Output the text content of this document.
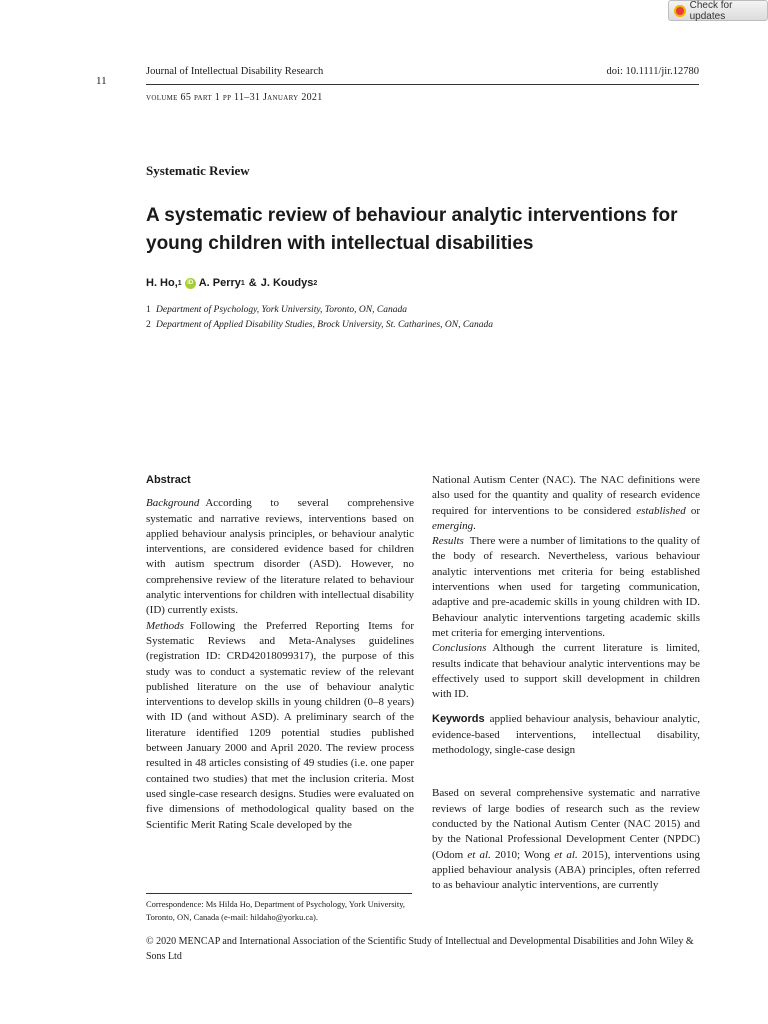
Check for updates
11
Journal of Intellectual Disability Research	doi: 10.1111/jir.12780
volume 65 part 1 pp 11–31 January 2021
Systematic Review
A systematic review of behaviour analytic interventions for young children with intellectual disabilities
H. Ho, 1 iD A. Perry 1 & J. Koudys 2
1 Department of Psychology, York University, Toronto, ON, Canada
2 Department of Applied Disability Studies, Brock University, St. Catharines, ON, Canada
Abstract

Background According to several comprehensive systematic and narrative reviews, interventions based on applied behaviour analysis principles, or behaviour analytic interventions, are considered evidence based for children with autism spectrum disorder (ASD). However, no comprehensive review of the literature related to behaviour analytic interventions for children with intellectual disability (ID) currently exists.

Methods Following the Preferred Reporting Items for Systematic Reviews and Meta-Analyses guidelines (registration ID: CRD42018099317), the purpose of this study was to conduct a systematic review of the relevant published literature on the use of behaviour analytic interventions to develop skills in young children (0–8 years) with ID (and without ASD). A preliminary search of the literature identified 1209 potential studies published between January 2000 and April 2020. The review process resulted in 48 articles consisting of 49 studies (i.e. one paper contained two studies) that met the inclusion criteria. Most used single-case research designs. Studies were evaluated on five dimensions of methodological quality based on the Scientific Merit Rating Scale developed by the

National Autism Center (NAC). The NAC definitions were also used for the quantity and quality of research evidence required for interventions to be considered established or emerging.

Results There were a number of limitations to the quality of the body of research. Nevertheless, various behaviour analytic interventions met criteria for being established interventions when used for targeting communication, adaptive and pre-academic skills in young children with ID. Behaviour analytic interventions targeting academic skills met criteria for emerging interventions.

Conclusions Although the current literature is limited, results indicate that behaviour analytic interventions may be effectively used to support skill development in children with ID.

Keywords applied behaviour analysis, behaviour analytic, evidence-based interventions, intellectual disability, methodology, single-case design

Based on several comprehensive systematic and narrative reviews of large bodies of research such as the review conducted by the National Autism Center (NAC 2015) and by the National Professional Development Center (NPDC) (Odom et al. 2010; Wong et al. 2015), interventions using applied behaviour analysis (ABA) principles, often referred to as behaviour analytic interventions, are currently

Correspondence: Ms Hilda Ho, Department of Psychology, York University, Toronto, ON, Canada (e-mail: hildaho@yorku.ca).
© 2020 MENCAP and International Association of the Scientific Study of Intellectual and Developmental Disabilities and John Wiley & Sons Ltd
